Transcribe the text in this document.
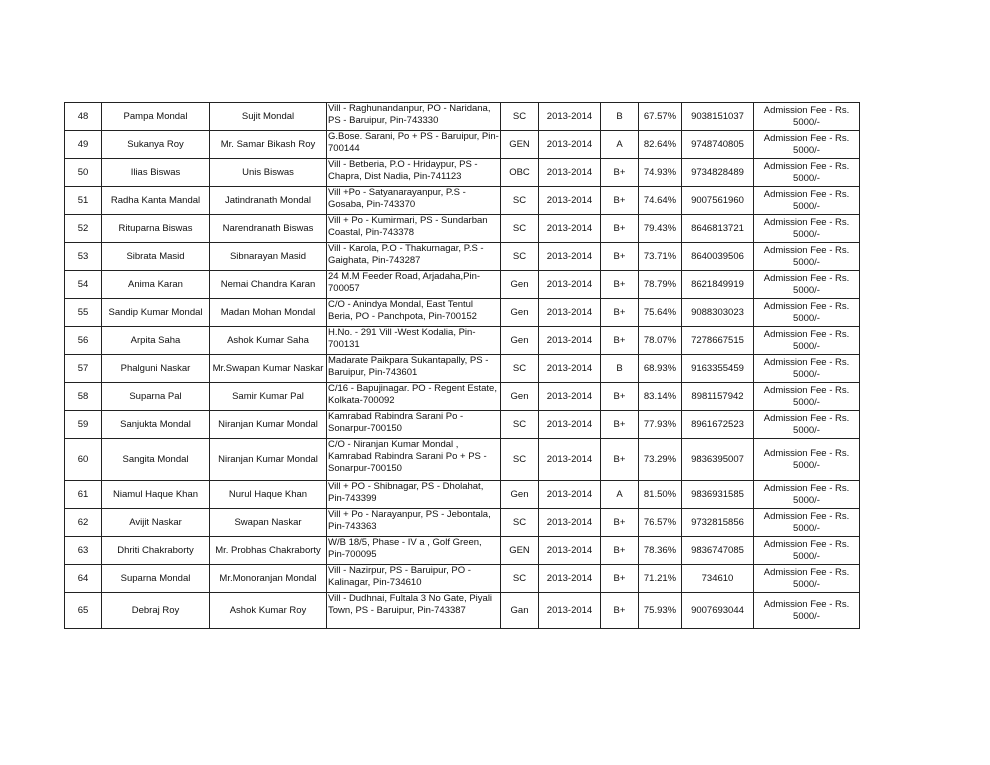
48	Pampa Mondal	Sujit Mondal	Vill - Raghunandanpur, PO - Naridana, PS - Baruipur, Pin-743330	SC	2013-2014	B	67.57%	9038151037	Admission Fee - Rs. 5000/-
49	Sukanya Roy	Mr. Samar Bikash Roy	G.Bose. Sarani, Po + PS - Baruipur, Pin-700144	GEN	2013-2014	A	82.64%	9748740805	Admission Fee - Rs. 5000/-
50	Ilias Biswas	Unis Biswas	Vill - Betberia, P.O - Hridaypur, PS - Chapra, Dist Nadia, Pin-741123	OBC	2013-2014	B+	74.93%	9734828489	Admission Fee - Rs. 5000/-
51	Radha Kanta Mandal	Jatindranath Mondal	Vill +Po - Satyanarayanpur, P.S - Gosaba, Pin-743370	SC	2013-2014	B+	74.64%	9007561960	Admission Fee - Rs. 5000/-
52	Rituparna Biswas	Narendranath Biswas	Vill + Po - Kumirmari, PS - Sundarban Coastal, Pin-743378	SC	2013-2014	B+	79.43%	8646813721	Admission Fee - Rs. 5000/-
53	Sibrata Masid	Sibnarayan Masid	Vill - Karola, P.O - Thakurnagar, P.S - Gaighata, Pin-743287	SC	2013-2014	B+	73.71%	8640039506	Admission Fee - Rs. 5000/-
54	Anima Karan	Nemai Chandra Karan	24 M.M Feeder Road, Arjadaha,Pin-700057	Gen	2013-2014	B+	78.79%	8621849919	Admission Fee - Rs. 5000/-
55	Sandip Kumar Mondal	Madan Mohan Mondal	C/O - Anindya Mondal, East Tentul Beria, PO - Panchpota, Pin-700152	Gen	2013-2014	B+	75.64%	9088303023	Admission Fee - Rs. 5000/-
56	Arpita Saha	Ashok Kumar Saha	H.No. - 291 Vill -West Kodalia, Pin-700131	Gen	2013-2014	B+	78.07%	7278667515	Admission Fee - Rs. 5000/-
57	Phalguni Naskar	Mr.Swapan Kumar Naskar	Madarate Paikpara Sukantapally, PS - Baruipur, Pin-743601	SC	2013-2014	B	68.93%	9163355459	Admission Fee - Rs. 5000/-
58	Suparna Pal	Samir Kumar Pal	C/16 - Bapujinagar. PO - Regent Estate, Kolkata-700092	Gen	2013-2014	B+	83.14%	8981157942	Admission Fee - Rs. 5000/-
59	Sanjukta Mondal	Niranjan Kumar Mondal	Kamrabad Rabindra Sarani Po - Sonarpur-700150	SC	2013-2014	B+	77.93%	8961672523	Admission Fee - Rs. 5000/-
60	Sangita Mondal	Niranjan Kumar Mondal	C/O - Niranjan Kumar Mondal , Kamrabad Rabindra Sarani Po + PS - Sonarpur-700150	SC	2013-2014	B+	73.29%	9836395007	Admission Fee - Rs. 5000/-
61	Niamul Haque Khan	Nurul Haque Khan	Vill + PO - Shibnagar, PS - Dholahat, Pin-743399	Gen	2013-2014	A	81.50%	9836931585	Admission Fee - Rs. 5000/-
62	Avijit Naskar	Swapan Naskar	Vill + Po - Narayanpur, PS - Jebontala, Pin-743363	SC	2013-2014	B+	76.57%	9732815856	Admission Fee - Rs. 5000/-
63	Dhriti Chakraborty	Mr. Probhas Chakraborty	W/B 18/5, Phase - IV a , Golf Green, Pin-700095	GEN	2013-2014	B+	78.36%	9836747085	Admission Fee - Rs. 5000/-
64	Suparna Mondal	Mr.Monoranjan Mondal	Vill - Nazirpur, PS - Baruipur, PO - Kalinagar, Pin-734610	SC	2013-2014	B+	71.21%	734610	Admission Fee - Rs. 5000/-
65	Debraj Roy	Ashok Kumar Roy	Vill - Dudhnai, Fultala 3 No Gate, Piyali Town, PS - Baruipur, Pin-743387	Gan	2013-2014	B+	75.93%	9007693044	Admission Fee - Rs. 5000/-
